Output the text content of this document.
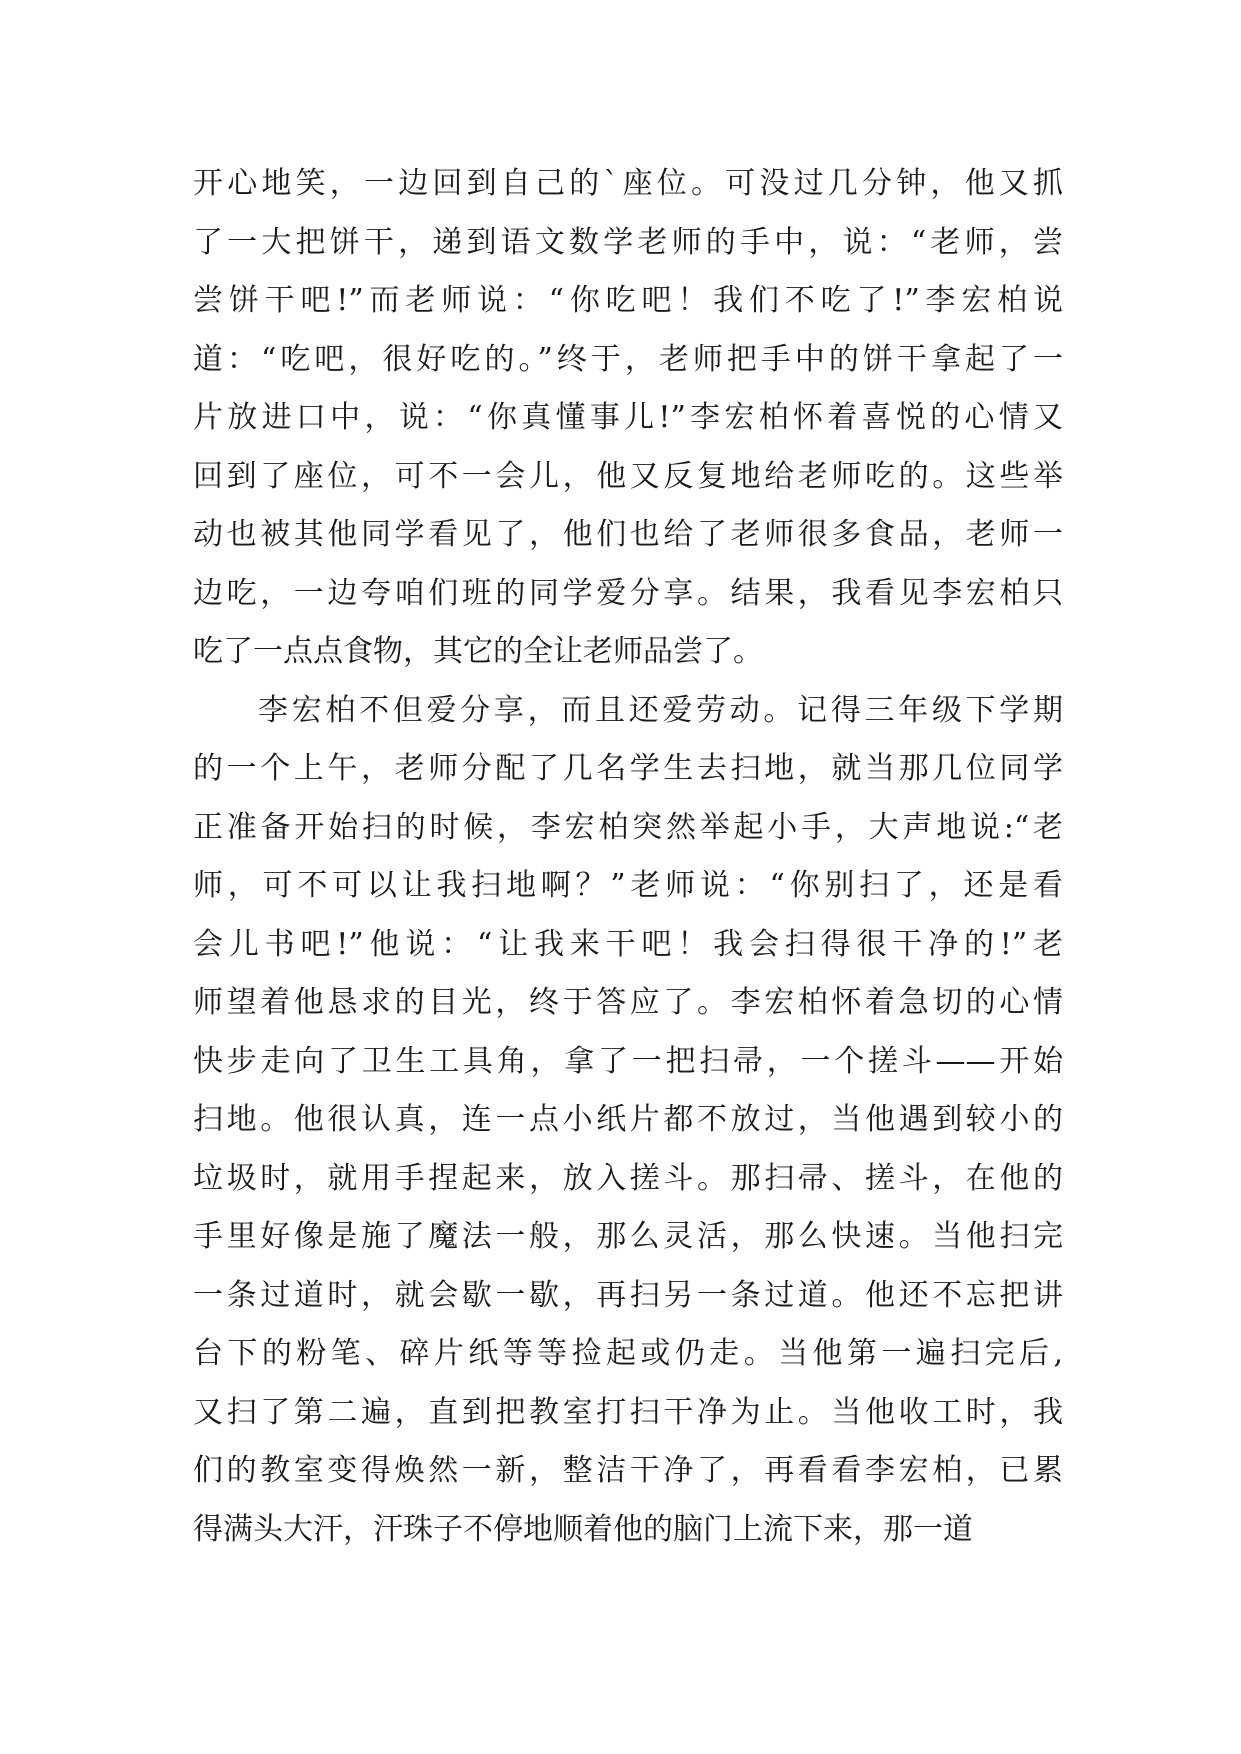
开心地笑，一边回到自己的`座位。可没过几分钟，他又抓
了一大把饼干，递到语文数学老师的手中，说：“老师，尝
尝饼干吧!”而老师说：“你吃吧！我们不吃了!”李宏柏说
道：“吃吧，很好吃的。”终于，老师把手中的饼干拿起了一
片放进口中，说：“你真懂事儿!”李宏柏怀着喜悦的心情又
回到了座位，可不一会儿，他又反复地给老师吃的。这些举
动也被其他同学看见了，他们也给了老师很多食品，老师一
边吃，一边夸咱们班的同学爱分享。结果，我看见李宏柏只
吃了一点点食物，其它的全让老师品尝了。
李宏柏不但爱分享，而且还爱劳动。记得三年级下学期
的一个上午，老师分配了几名学生去扫地，就当那几位同学
正准备开始扫的时候，李宏柏突然举起小手，大声地说:“老
师，可不可以让我扫地啊？”老师说：“你别扫了，还是看
会儿书吧!”他说：“让我来干吧！我会扫得很干净的!”老
师望着他恳求的目光，终于答应了。李宏柏怀着急切的心情
快步走向了卫生工具角，拿了一把扫帚，一个搓斗——开始
扫地。他很认真，连一点小纸片都不放过，当他遇到较小的
垃圾时，就用手捏起来，放入搓斗。那扫帚、搓斗，在他的
手里好像是施了魔法一般，那么灵活，那么快速。当他扫完
一条过道时，就会歇一歇，再扫另一条过道。他还不忘把讲
台下的粉笔、碎片纸等等捡起或仍走。当他第一遍扫完后,
又扫了第二遍，直到把教室打扫干净为止。当他收工时，我
们的教室变得焕然一新，整洁干净了，再看看李宏柏，已累
得满头大汗，汗珠子不停地顺着他的脑门上流下来，那一道
